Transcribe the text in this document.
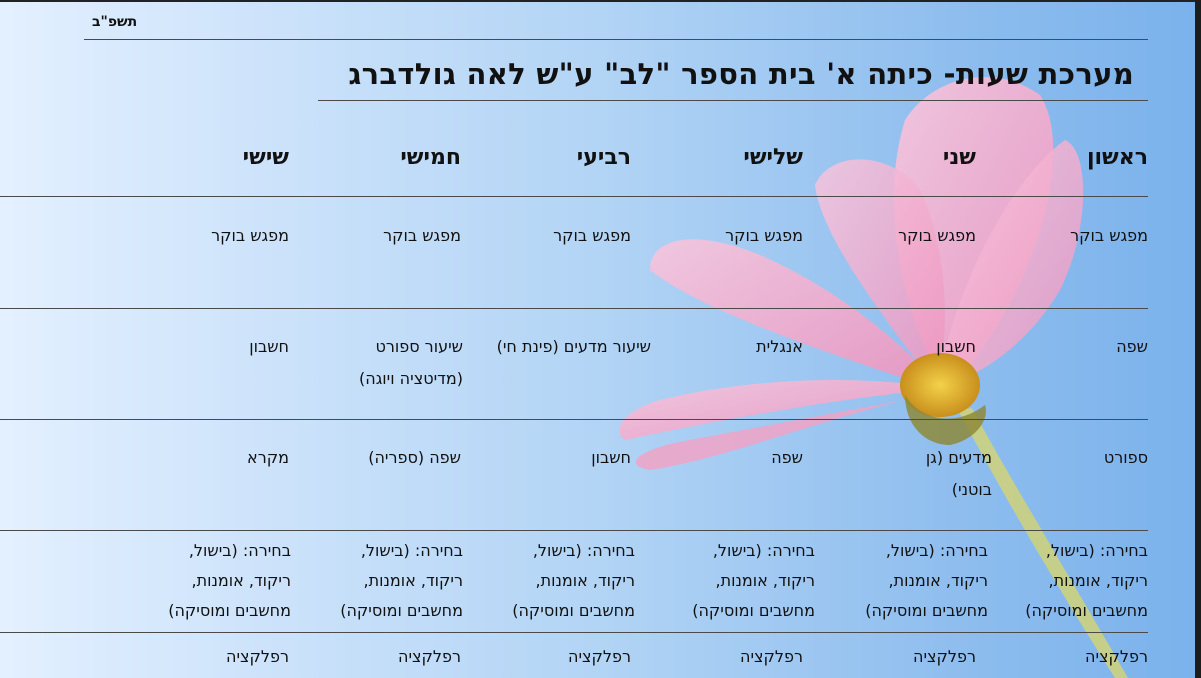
תשפ"ב
מערכת שעות- כיתה א' בית הספר "לב" ע"ש לאה גולדברג
ראשון
שני
שלישי
רביעי
חמישי
שישי
מפגש בוקר
מפגש בוקר
מפגש בוקר
מפגש בוקר
מפגש בוקר
מפגש בוקר
שפה
חשבון
אנגלית
שיעור מדעים (פינת חי)
שיעור ספורט (מדיטציה ויוגה)
חשבון
ספורט
מדעים (גן בוטני)
שפה
חשבון
שפה (ספריה)
מקרא
בחירה: (בישול, ריקוד, אומנות, מחשבים ומוסיקה)
בחירה: (בישול, ריקוד, אומנות, מחשבים ומוסיקה)
בחירה: (בישול, ריקוד, אומנות, מחשבים ומוסיקה)
בחירה: (בישול, ריקוד, אומנות, מחשבים ומוסיקה)
בחירה: (בישול, ריקוד, אומנות, מחשבים ומוסיקה)
בחירה: (בישול, ריקוד, אומנות, מחשבים ומוסיקה)
רפלקציה
רפלקציה
רפלקציה
רפלקציה
רפלקציה
רפלקציה
